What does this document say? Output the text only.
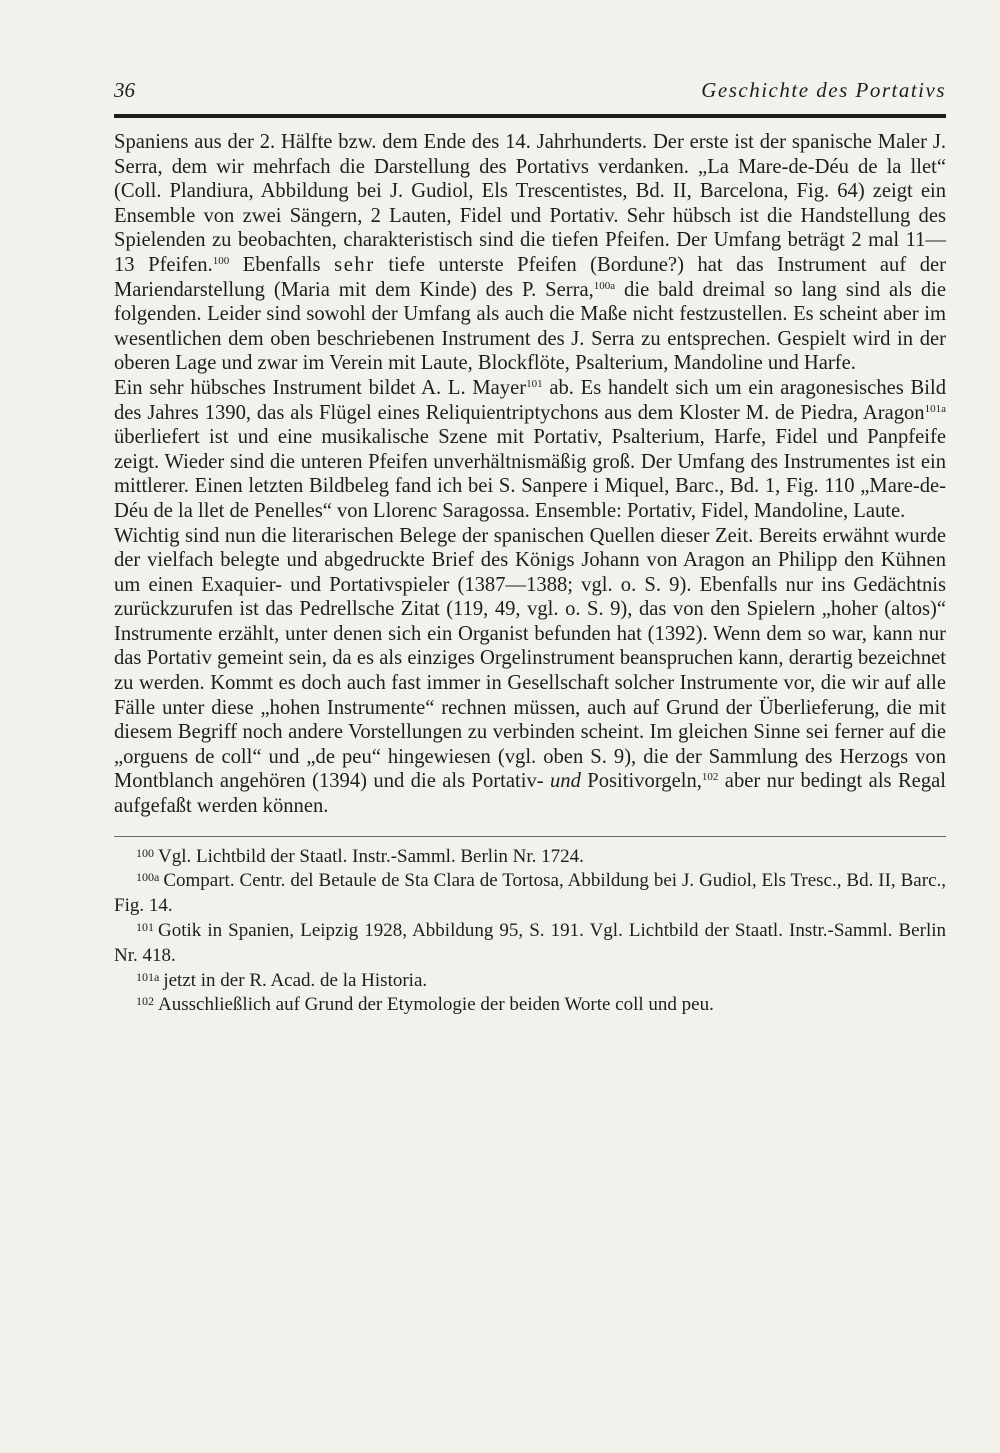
36	Geschichte des Portativs

Spaniens aus der 2. Hälfte bzw. dem Ende des 14. Jahrhunderts. Der erste ist der spanische Maler J. Serra, dem wir mehrfach die Darstellung des Portativs verdanken. „La Mare-de-Déu de la llet“ (Coll. Plandiura, Abbildung bei J. Gudiol, Els Trescentistes, Bd. II, Barcelona, Fig. 64) zeigt ein Ensemble von zwei Sängern, 2 Lauten, Fidel und Portativ. Sehr hübsch ist die Handstellung des Spielenden zu beobachten, charakteristisch sind die tiefen Pfeifen. Der Umfang beträgt 2 mal 11—13 Pfeifen.$^{100}$ Ebenfalls sehr tiefe unterste Pfeifen (Bordune?) hat das Instrument auf der Mariendarstellung (Maria mit dem Kinde) des P. Serra,$^{100a}$ die bald dreimal so lang sind als die folgenden. Leider sind sowohl der Umfang als auch die Maße nicht festzustellen. Es scheint aber im wesentlichen dem oben beschriebenen Instrument des J. Serra zu entsprechen. Gespielt wird in der oberen Lage und zwar im Verein mit Laute, Blockflöte, Psalterium, Mandoline und Harfe.

Ein sehr hübsches Instrument bildet A. L. Mayer$^{101}$ ab. Es handelt sich um ein aragonesisches Bild des Jahres 1390, das als Flügel eines Reliquientriptychons aus dem Kloster M. de Piedra, Aragon$^{101a}$ überliefert ist und eine musikalische Szene mit Portativ, Psalterium, Harfe, Fidel und Panpfeife zeigt. Wieder sind die unteren Pfeifen unverhältnismäßig groß. Der Umfang des Instrumentes ist ein mittlerer. Einen letzten Bildbeleg fand ich bei S. Sanpere i Miquel, Barc., Bd. 1, Fig. 110 „Mare-de-Déu de la llet de Penelles“ von Llorenc Saragossa. Ensemble: Portativ, Fidel, Mandoline, Laute.

Wichtig sind nun die literarischen Belege der spanischen Quellen dieser Zeit. Bereits erwähnt wurde der vielfach belegte und abgedruckte Brief des Königs Johann von Aragon an Philipp den Kühnen um einen Exaquier- und Portativspieler (1387—1388; vgl. o. S. 9). Ebenfalls nur ins Gedächtnis zurückzurufen ist das Pedrellsche Zitat (119, 49, vgl. o. S. 9), das von den Spielern „hoher (altos)“ Instrumente erzählt, unter denen sich ein Organist befunden hat (1392). Wenn dem so war, kann nur das Portativ gemeint sein, da es als einziges Orgelinstrument beanspruchen kann, derartig bezeichnet zu werden. Kommt es doch auch fast immer in Gesellschaft solcher Instrumente vor, die wir auf alle Fälle unter diese „hohen Instrumente“ rechnen müssen, auch auf Grund der Überlieferung, die mit diesem Begriff noch andere Vorstellungen zu verbinden scheint. Im gleichen Sinne sei ferner auf die „orguens de coll“ und „de peu“ hingewiesen (vgl. oben S. 9), die der Sammlung des Herzogs von Montblanch angehören (1394) und die als Portativ- und Positivorgeln,$^{102}$ aber nur bedingt als Regal aufgefaßt werden können.

100 Vgl. Lichtbild der Staatl. Instr.-Samml. Berlin Nr. 1724.

100a Compart. Centr. del Betaule de Sta Clara de Tortosa, Abbildung bei J. Gudiol, Els Tresc., Bd. II, Barc., Fig. 14.

101 Gotik in Spanien, Leipzig 1928, Abbildung 95, S. 191. Vgl. Lichtbild der Staatl. Instr.-Samml. Berlin Nr. 418.

101a jetzt in der R. Acad. de la Historia.

102 Ausschließlich auf Grund der Etymologie der beiden Worte coll und peu.
